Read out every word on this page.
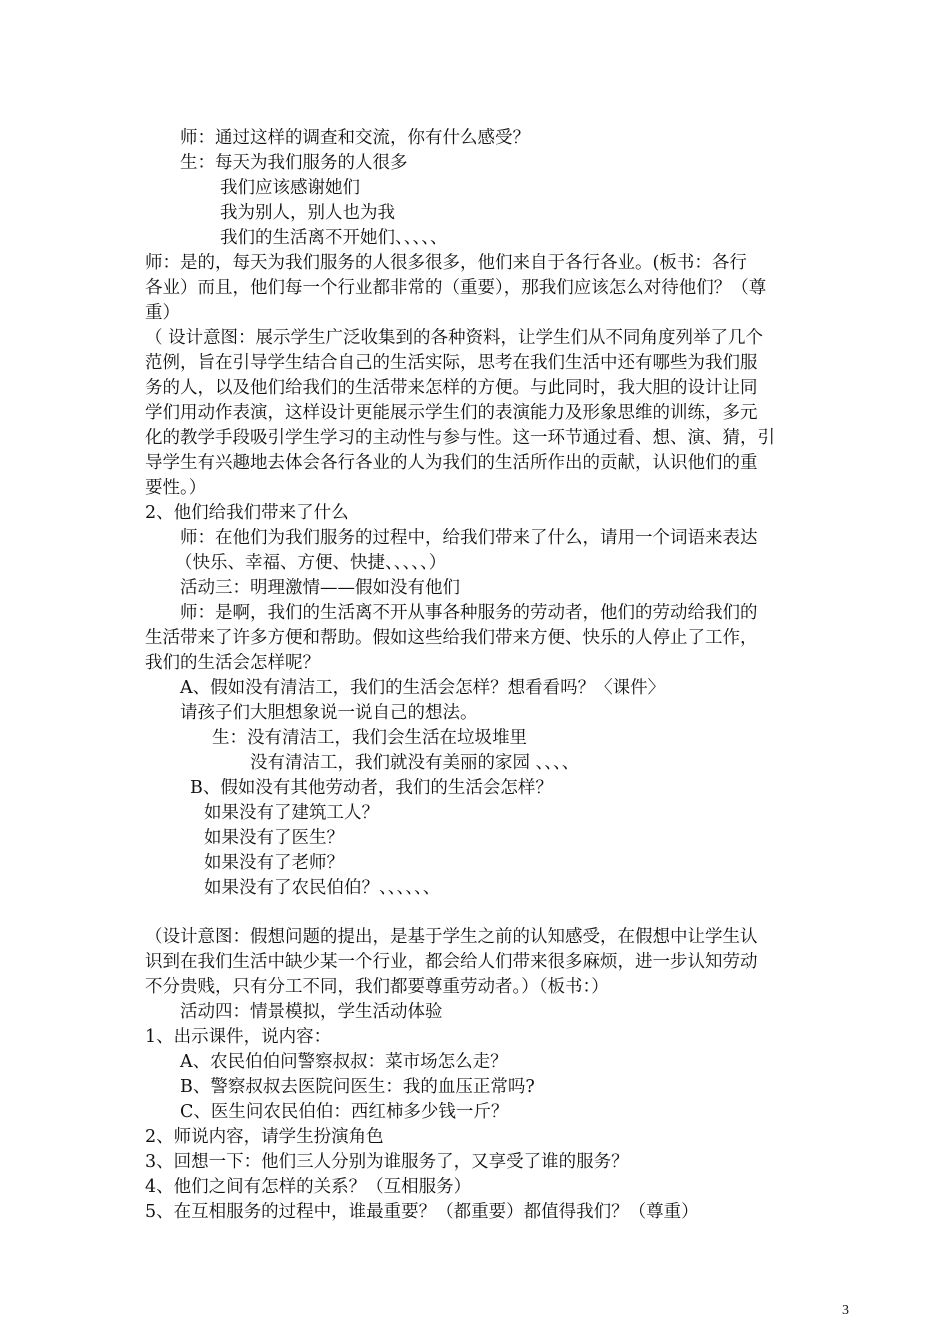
师：通过这样的调查和交流，你有什么感受？
生：每天为我们服务的人很多
我们应该感谢她们
我为别人，别人也为我
我们的生活离不开她们、、、、、
师：是的，每天为我们服务的人很多很多，他们来自于各行各业。(板书：各行
各业）而且，他们每一个行业都非常的（重要），那我们应该怎么对待他们？（尊
重）
（ 设计意图：展示学生广泛收集到的各种资料，让学生们从不同角度列举了几个
范例，旨在引导学生结合自己的生活实际，思考在我们生活中还有哪些为我们服
务的人，以及他们给我们的生活带来怎样的方便。与此同时，我大胆的设计让同
学们用动作表演，这样设计更能展示学生们的表演能力及形象思维的训练，多元
化的教学手段吸引学生学习的主动性与参与性。这一环节通过看、想、演、猜，引
导学生有兴趣地去体会各行各业的人为我们的生活所作出的贡献，认识他们的重
要性。）
2、他们给我们带来了什么
师：在他们为我们服务的过程中，给我们带来了什么，请用一个词语来表达
（快乐、幸福、方便、快捷、、、、、）
活动三：明理激情——假如没有他们
师：是啊，我们的生活离不开从事各种服务的劳动者，他们的劳动给我们的
生活带来了许多方便和帮助。假如这些给我们带来方便、快乐的人停止了工作，
我们的生活会怎样呢？
A、假如没有清洁工，我们的生活会怎样？想看看吗？〈课件〉
请孩子们大胆想象说一说自己的想法。
生：没有清洁工，我们会生活在垃圾堆里
没有清洁工，我们就没有美丽的家园 、、、、
B、假如没有其他劳动者，我们的生活会怎样？
如果没有了建筑工人？
如果没有了医生？
如果没有了老师？
如果没有了农民伯伯？、、、、、、
（设计意图：假想问题的提出，是基于学生之前的认知感受，在假想中让学生认
识到在我们生活中缺少某一个行业，都会给人们带来很多麻烦，进一步认知劳动
不分贵贱，只有分工不同，我们都要尊重劳动者。）（板书：）
活动四：情景模拟，学生活动体验
1、出示课件，说内容：
A、农民伯伯问警察叔叔：菜市场怎么走？
B、警察叔叔去医院问医生：我的血压正常吗?
C、医生问农民伯伯：西红柿多少钱一斤？
2、师说内容，请学生扮演角色
3、回想一下：他们三人分别为谁服务了，又享受了谁的服务？
4、他们之间有怎样的关系？（互相服务）
5、在互相服务的过程中，谁最重要？（都重要）都值得我们？（尊重）
3
